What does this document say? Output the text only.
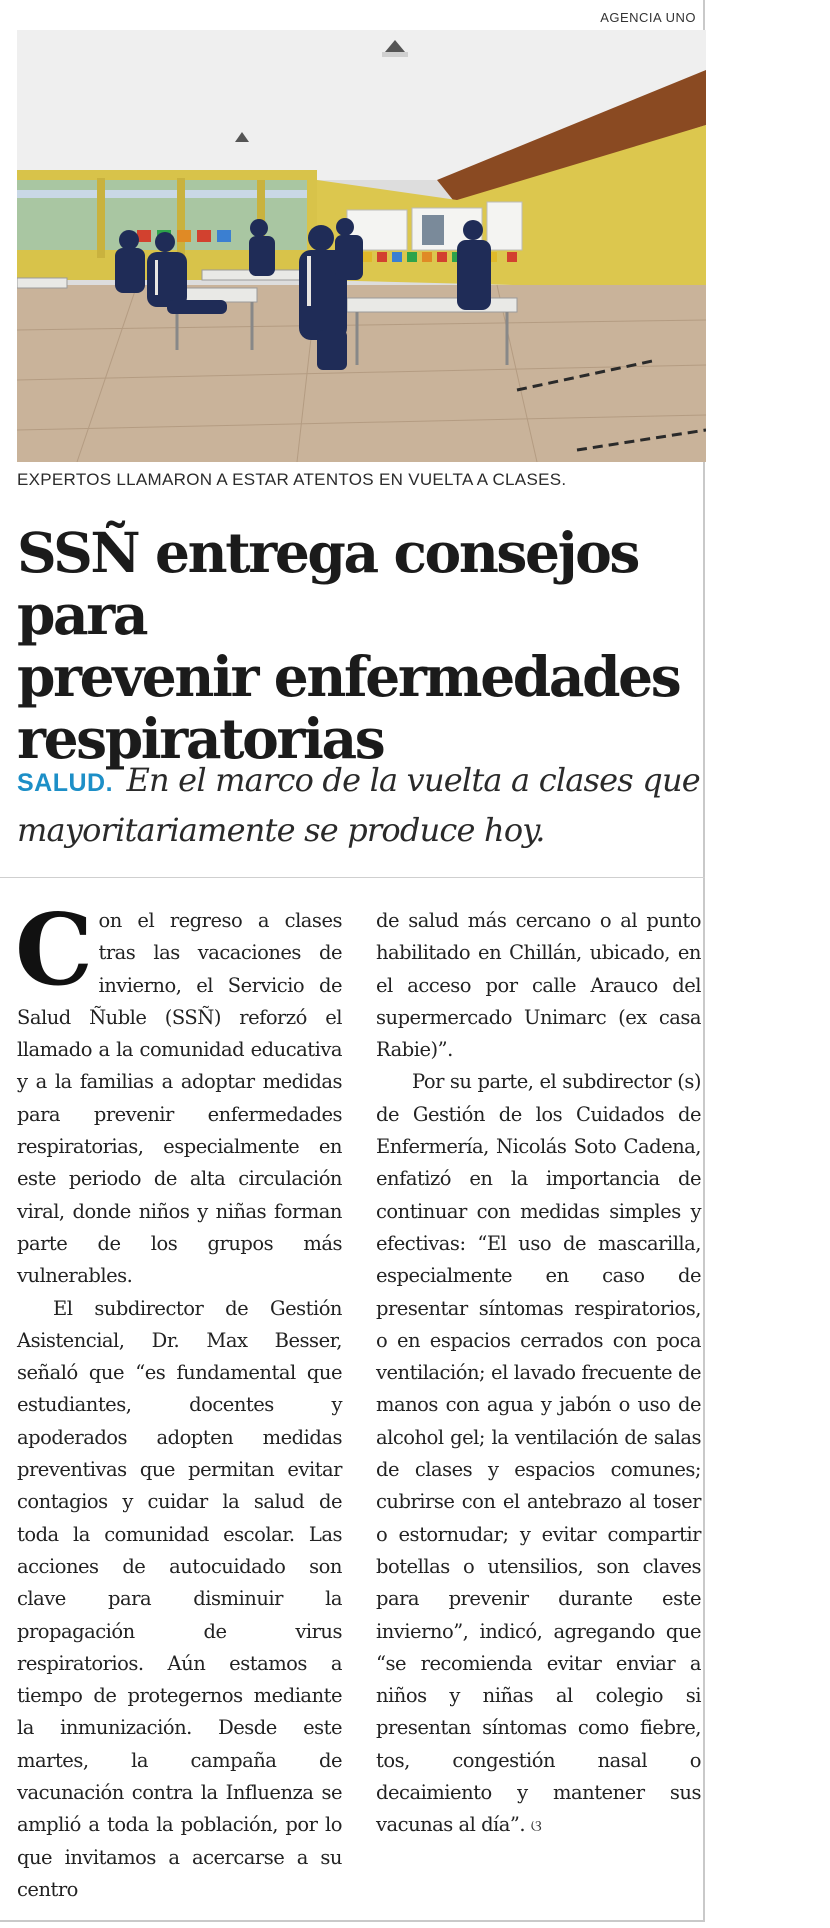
AGENCIA UNO
EXPERTOS LLAMARON A ESTAR ATENTOS EN VUELTA A CLASES.
SSÑ entrega consejos para
prevenir enfermedades
respiratorias
SALUD. En el marco de la vuelta a clases que mayoritariamente se produce hoy.

Con el regreso a clases tras las vacaciones de invierno, el Servicio de Salud Ñuble (SSÑ) reforzó el llamado a la comunidad educativa y a la familias a adoptar medidas para prevenir enfermedades respiratorias, especialmente en este periodo de alta circulación viral, donde niños y niñas forman parte de los grupos más vulnerables.

El subdirector de Gestión Asistencial, Dr. Max Besser, señaló que “es fundamental que estudiantes, docentes y apoderados adopten medidas preventivas que permitan evitar contagios y cuidar la salud de toda la comunidad escolar. Las acciones de autocuidado son clave para disminuir la propagación de virus respiratorios. Aún estamos a tiempo de protegernos mediante la inmunización. Desde este martes, la campaña de vacunación contra la Influenza se amplió a toda la población, por lo que invitamos a acercarse a su centro

de salud más cercano o al punto habilitado en Chillán, ubicado, en el acceso por calle Arauco del supermercado Unimarc (ex casa Rabie)”.

Por su parte, el subdirector (s) de Gestión de los Cuidados de Enfermería, Nicolás Soto Cadena, enfatizó en la importancia de continuar con medidas simples y efectivas: “El uso de mascarilla, especialmente en caso de presentar síntomas respiratorios, o en espacios cerrados con poca ventilación; el lavado frecuente de manos con agua y jabón o uso de alcohol gel; la ventilación de salas de clases y espacios comunes; cubrirse con el antebrazo al toser o estornudar; y evitar compartir botellas o utensilios, son claves para prevenir durante este invierno”, indicó, agregando que “se recomienda evitar enviar a niños y niñas al colegio si presentan síntomas como fiebre, tos, congestión nasal o decaimiento y mantener sus vacunas al día”. ଓ
